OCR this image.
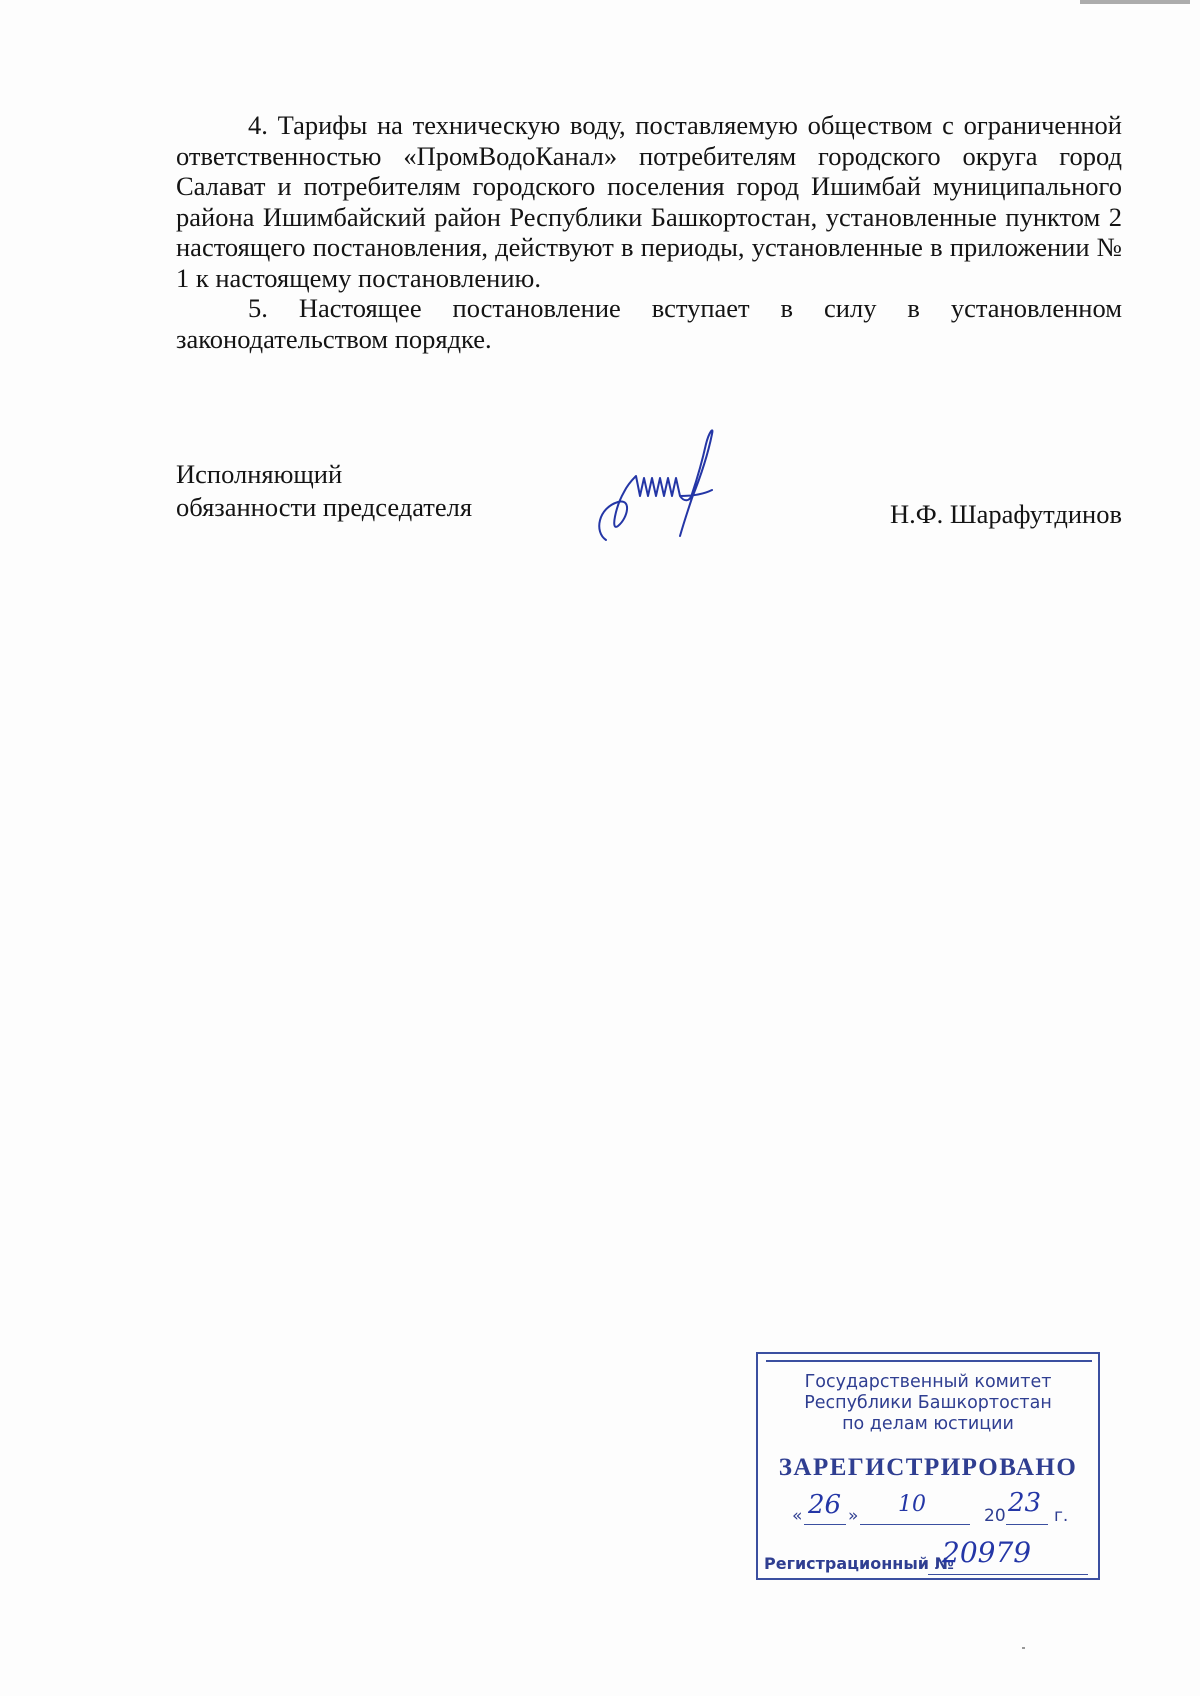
4. Тарифы на техническую воду, поставляемую обществом с ограниченной ответственностью «ПромВодоКанал» потребителям городского округа город Салават и потребителям городского поселения город Ишимбай муниципального района Ишимбайский район Республики Башкортостан, установленные пунктом 2 настоящего постановления, действуют в периоды, установленные в приложении № 1 к настоящему постановлению.

5. Настоящее постановление вступает в силу в установленном законодательством порядке.

Исполняющий
обязанности председателя	Н.Ф. Шарафутдинов
Государственный комитет
Республики Башкортостан
по делам юстиции
ЗАРЕГИСТРИРОВАНО
« 26 » 10	20 23 г.
Регистрационный №
20979
